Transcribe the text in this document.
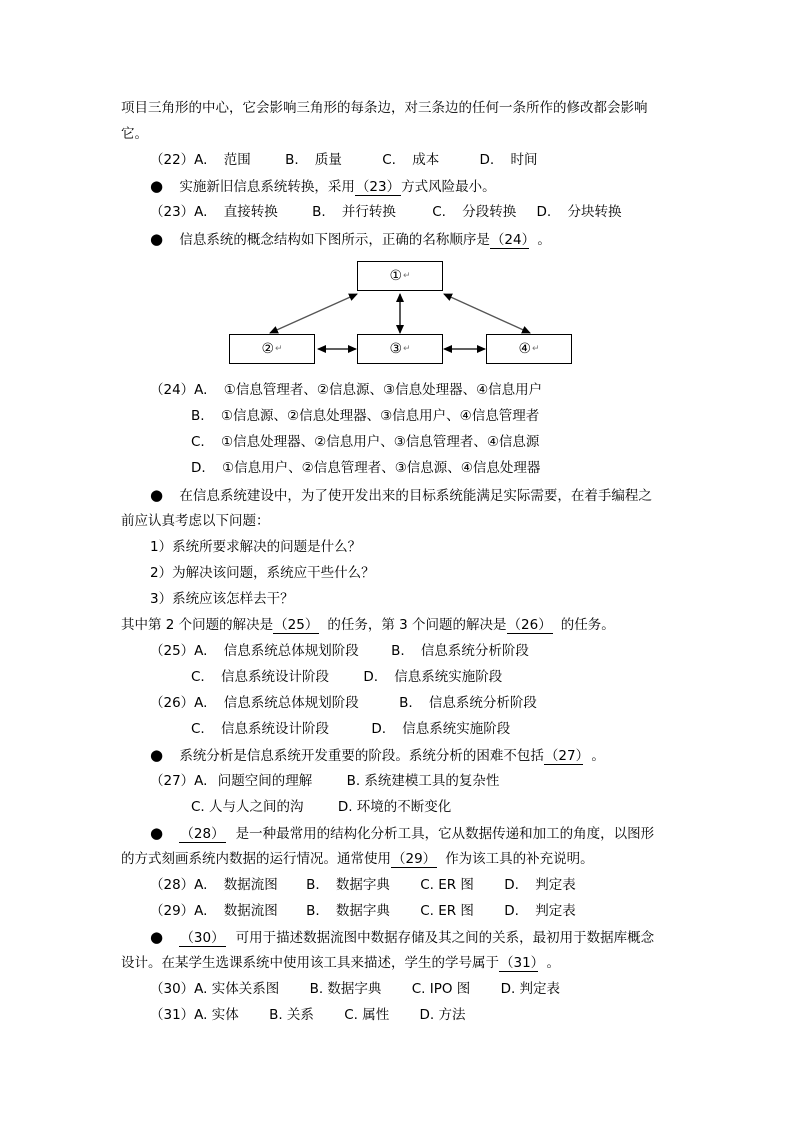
项目三角形的中心，它会影响三角形的每条边，对三条边的任何一条所作的修改都会影响
它。
（22）A. 范围	B. 质量	C. 成本	D. 时间
● 实施新旧信息系统转换，采用（23）方式风险最小。
（23）A. 直接转换	B. 并行转换	C. 分段转换 D. 分块转换
● 信息系统的概念结构如下图所示，正确的名称顺序是（24） 。
① ↵
② ↵	③ ↵	④ ↵
（24）A. ①信息管理者、②信息源、③信息处理器、④信息用户
B. ①信息源、②信息处理器、③信息用户、④信息管理者
C. ①信息处理器、②信息用户、③信息管理者、④信息源
D. ①信息用户、②信息管理者、③信息源、④信息处理器
● 在信息系统建设中，为了使开发出来的目标系统能满足实际需要，在着手编程之
前应认真考虑以下问题：
1）系统所要求解决的问题是什么？
2）为解决该问题，系统应干些什么？
3）系统应该怎样去干？
其中第 2 个问题的解决是（25） 的任务，第 3 个问题的解决是（26） 的任务。
（25）A. 信息系统总体规划阶段 B. 信息系统分析阶段
C. 信息系统设计阶段	D. 信息系统实施阶段
（26）A. 信息系统总体规划阶段	B. 信息系统分析阶段
C. 信息系统设计阶段	D. 信息系统实施阶段
● 系统分析是信息系统开发重要的阶段。系统分析的困难不包括（27） 。
（27）A. 问题空间的理解	B. 系统建模工具的复杂性
C. 人与人之间的沟	D. 环境的不断变化
● （28） 是一种最常用的结构化分析工具，它从数据传递和加工的角度，以图形
的方式刻画系统内数据的运行情况。通常使用（29） 作为该工具的补充说明。
（28）A. 数据流图 B. 数据字典 C. ER 图 D. 判定表
（29）A. 数据流图 B. 数据字典 C. ER 图 D. 判定表
● （30） 可用于描述数据流图中数据存储及其之间的关系，最初用于数据库概念
设计。在某学生选课系统中使用该工具来描述，学生的学号属于（31） 。
（30）A. 实体关系图 B. 数据字典 C. IPO 图 D. 判定表
（31）A. 实体 B. 关系 C. 属性 D. 方法
